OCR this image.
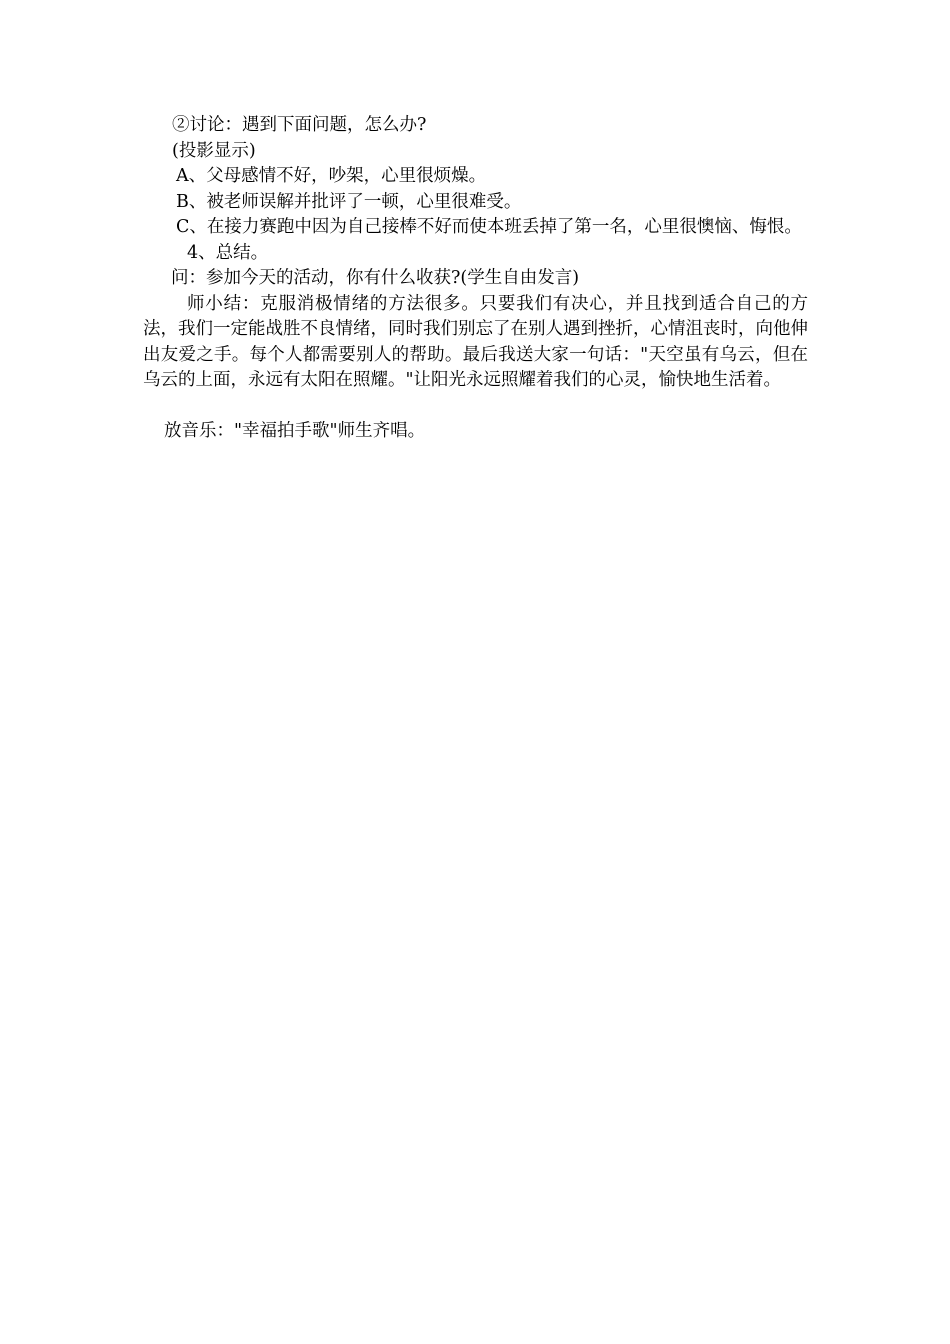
②讨论：遇到下面问题，怎么办?

(投影显示)

A、父母感情不好，吵架，心里很烦燥。

B、被老师误解并批评了一顿，心里很难受。

C、在接力赛跑中因为自己接棒不好而使本班丢掉了第一名，心里很懊恼、悔恨。

4、总结。

问：参加今天的活动，你有什么收获?(学生自由发言)

师小结：克服消极情绪的方法很多。只要我们有决心，并且找到适合自己的方法，我们一定能战胜不良情绪，同时我们别忘了在别人遇到挫折，心情沮丧时，向他伸出友爱之手。每个人都需要别人的帮助。最后我送大家一句话："天空虽有乌云，但在乌云的上面，永远有太阳在照耀。"让阳光永远照耀着我们的心灵，愉快地生活着。

放音乐："幸福拍手歌"师生齐唱。
